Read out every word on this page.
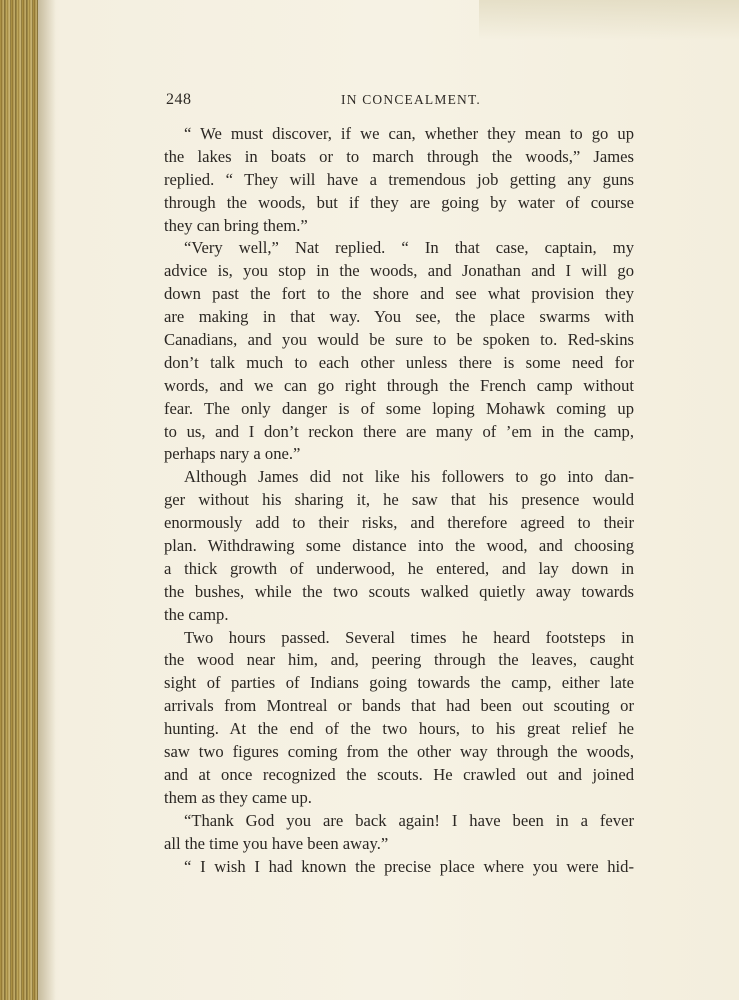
248	IN CONCEALMENT.
“ We must discover, if we can, whether they mean to go up
the lakes in boats or to march through the woods,” James
replied. “ They will have a tremendous job getting any guns
through the woods, but if they are going by water of course
they can bring them.”
“Very well,” Nat replied. “ In that case, captain, my
advice is, you stop in the woods, and Jonathan and I will go
down past the fort to the shore and see what provision they
are making in that way. You see, the place swarms with
Canadians, and you would be sure to be spoken to. Red-skins
don’t talk much to each other unless there is some need for
words, and we can go right through the French camp without
fear. The only danger is of some loping Mohawk coming up
to us, and I don’t reckon there are many of ’em in the camp,
perhaps nary a one.”
Although James did not like his followers to go into dan-
ger without his sharing it, he saw that his presence would
enormously add to their risks, and therefore agreed to their
plan. Withdrawing some distance into the wood, and choosing
a thick growth of underwood, he entered, and lay down in
the bushes, while the two scouts walked quietly away towards
the camp.
Two hours passed. Several times he heard footsteps in
the wood near him, and, peering through the leaves, caught
sight of parties of Indians going towards the camp, either late
arrivals from Montreal or bands that had been out scouting or
hunting. At the end of the two hours, to his great relief he
saw two figures coming from the other way through the woods,
and at once recognized the scouts. He crawled out and joined
them as they came up.
“Thank God you are back again! I have been in a fever
all the time you have been away.”
“ I wish I had known the precise place where you were hid-
